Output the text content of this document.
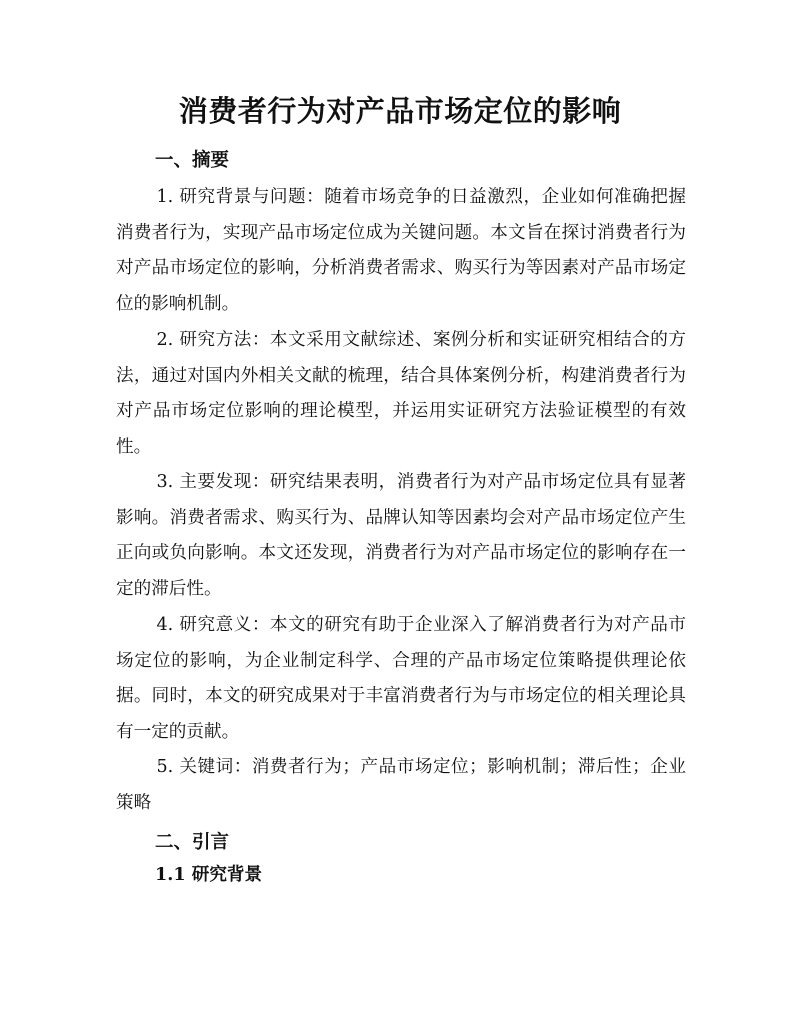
消费者行为对产品市场定位的影响
一、摘要

1. 研究背景与问题：随着市场竞争的日益激烈，企业如何准确把握消费者行为，实现产品市场定位成为关键问题。本文旨在探讨消费者行为对产品市场定位的影响，分析消费者需求、购买行为等因素对产品市场定位的影响机制。

2. 研究方法：本文采用文献综述、案例分析和实证研究相结合的方法，通过对国内外相关文献的梳理，结合具体案例分析，构建消费者行为对产品市场定位影响的理论模型，并运用实证研究方法验证模型的有效性。

3. 主要发现：研究结果表明，消费者行为对产品市场定位具有显著影响。消费者需求、购买行为、品牌认知等因素均会对产品市场定位产生正向或负向影响。本文还发现，消费者行为对产品市场定位的影响存在一定的滞后性。

4. 研究意义：本文的研究有助于企业深入了解消费者行为对产品市场定位的影响，为企业制定科学、合理的产品市场定位策略提供理论依据。同时，本文的研究成果对于丰富消费者行为与市场定位的相关理论具有一定的贡献。

5. 关键词：消费者行为；产品市场定位；影响机制；滞后性；企业策略

二、引言
1.1 研究背景
